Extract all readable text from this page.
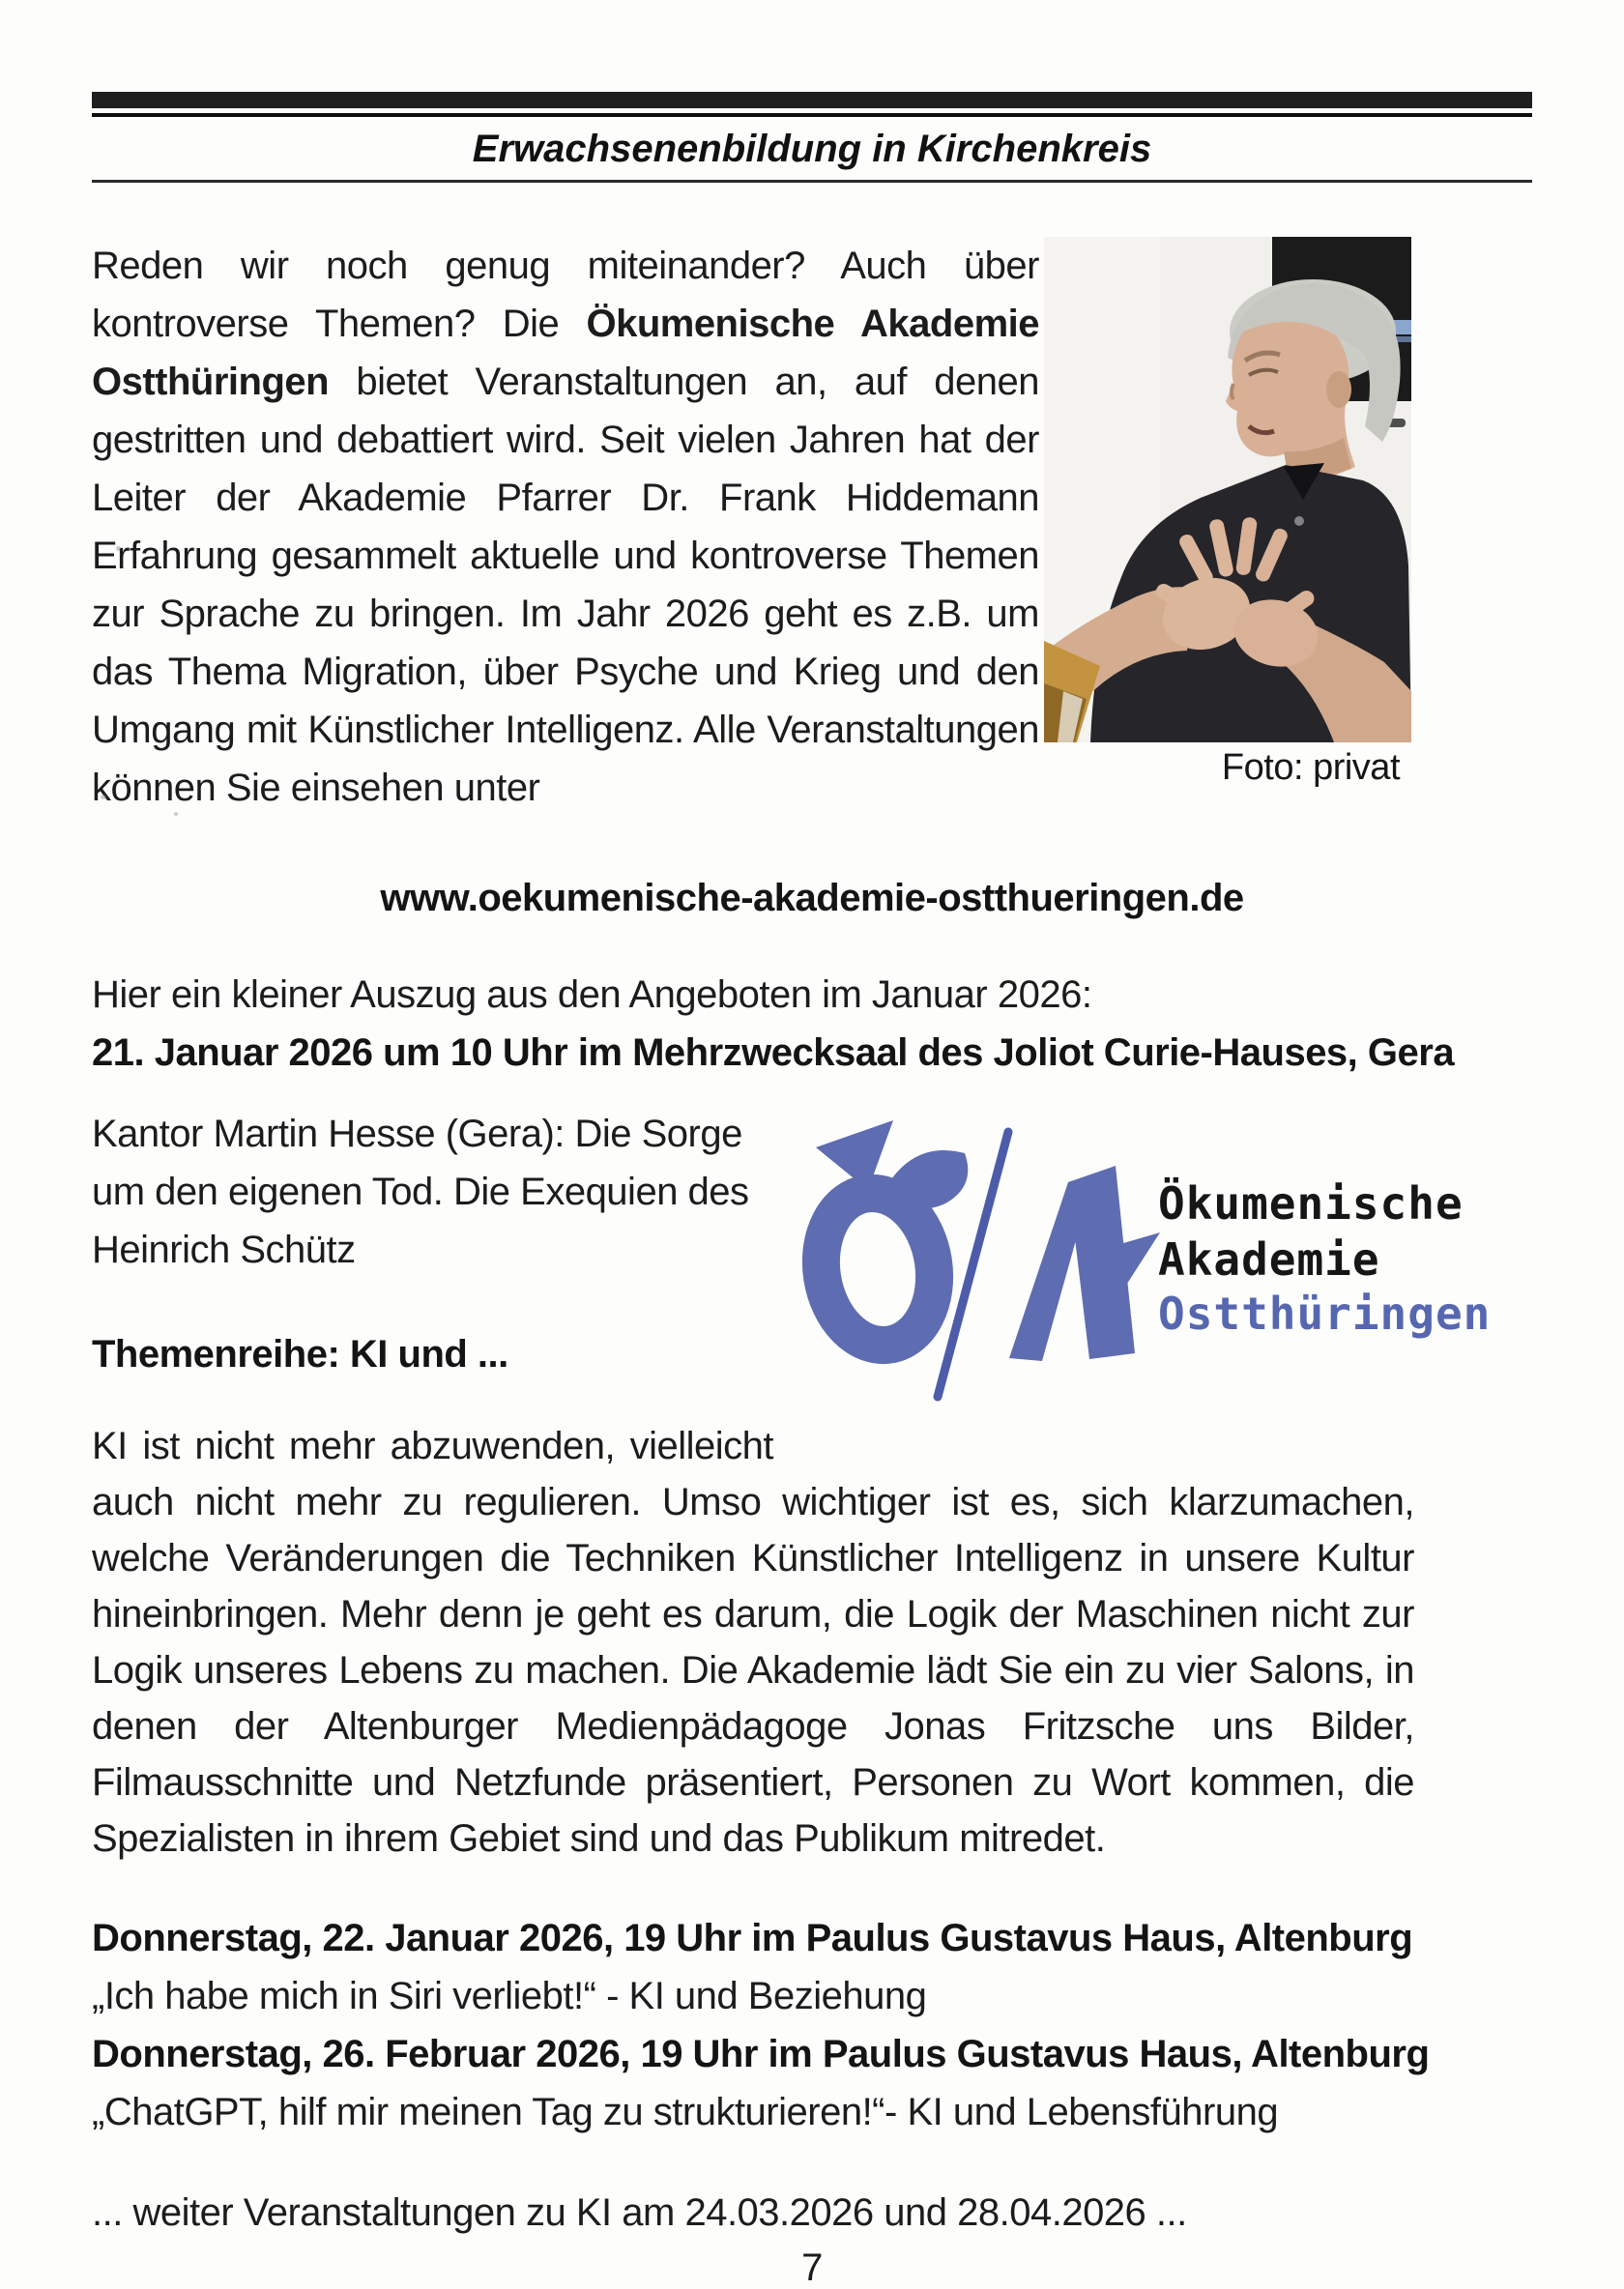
Erwachsenenbildung in Kirchenkreis
Foto: privat
Reden wir noch genug miteinander? Auch über kontroverse Themen? Die Ökumenische Akademie Ostthüringen bietet Veranstaltungen an, auf denen gestritten und debattiert wird. Seit vielen Jahren hat der Leiter der Akademie Pfarrer Dr. Frank Hiddemann Erfahrung gesammelt aktuelle und kontroverse Themen zur Sprache zu bringen. Im Jahr 2026 geht es z.B. um das Thema Migration, über Psyche und Krieg und den Umgang mit Künstlicher Intelligenz. Alle Veranstaltungen können Sie einsehen unter
www.oekumenische-akademie-ostthueringen.de
Hier ein kleiner Auszug aus den Angeboten im Januar 2026:
21. Januar 2026 um 10 Uhr im Mehrzwecksaal des Joliot Curie-Hauses, Gera
Ökumenische
Akademie
Ostthüringen
Kantor Martin Hesse (Gera): Die Sorge um den eigenen Tod. Die Exequien des Heinrich Schütz
Themenreihe: KI und ...
KI ist nicht mehr abzuwenden, vielleicht auch nicht mehr zu regulieren. Umso wichtiger ist es, sich klarzumachen, welche Veränderungen die Techniken Künstlicher Intelligenz in unsere Kultur hineinbringen. Mehr denn je geht es darum, die Logik der Maschinen nicht zur Logik unseres Lebens zu machen. Die Akademie lädt Sie ein zu vier Salons, in denen der Altenburger Medienpädagoge Jonas Fritzsche uns Bilder, Filmausschnitte und Netzfunde präsentiert, Personen zu Wort kommen, die Spezialisten in ihrem Gebiet sind und das Publikum mitredet.
Donnerstag, 22. Januar 2026, 19 Uhr im Paulus Gustavus Haus, Altenburg
„Ich habe mich in Siri verliebt!“ - KI und Beziehung
Donnerstag, 26. Februar 2026, 19 Uhr im Paulus Gustavus Haus, Altenburg
„ChatGPT, hilf mir meinen Tag zu strukturieren!“- KI und Lebensführung
... weiter Veranstaltungen zu KI am 24.03.2026 und 28.04.2026 ...
7
